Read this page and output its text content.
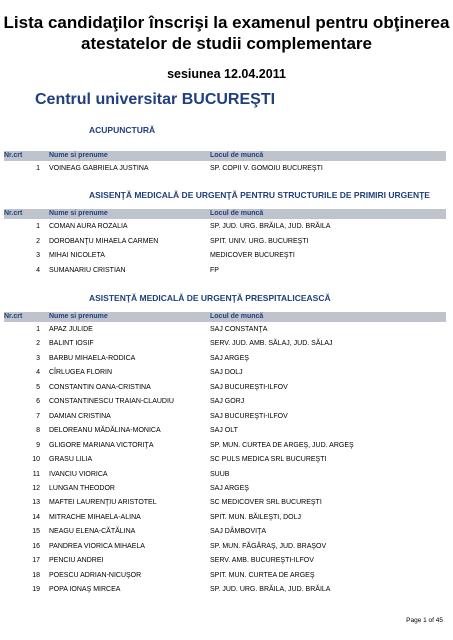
Lista candidaţilor înscrişi la examenul pentru obţinerea
atestatelor de studii complementare
sesiunea 12.04.2011
Centrul universitar BUCUREŞTI
ACUPUNCTURĂ
Nr.crt	Nume si prenume	Locul de muncă
1 VOINEAG GABRIELA JUSTINA	SP. COPII V. GOMOIU BUCUREŞTI
ASISENŢĂ MEDICALĂ DE URGENŢĂ PENTRU STRUCTURILE DE PRIMIRI URGENŢE
Nr.crt	Nume si prenume	Locul de muncă
1 COMAN AURA ROZALIA	SP. JUD. URG. BRĂILA, JUD. BRĂILA
2 DOROBANŢU MIHAELA CARMEN	SPIT. UNIV. URG. BUCUREŞTI
3 MIHAI NICOLETA	MEDICOVER BUCUREŞTI
4 SUMANARIU CRISTIAN	FP
ASISTENŢĂ MEDICALĂ DE URGENŢĂ PRESPITALICEASCĂ
Nr.crt	Nume si prenume	Locul de muncă
1 APAZ JULIDE	SAJ CONSTANŢA
2 BALINT IOSIF	SERV. JUD. AMB. SĂLAJ, JUD. SĂLAJ
3 BARBU MIHAELA-RODICA	SAJ ARGEŞ
4 CÎRLUGEA FLORIN	SAJ DOLJ
5 CONSTANTIN OANA-CRISTINA	SAJ BUCUREŞTI-ILFOV
6 CONSTANTINESCU TRAIAN-CLAUDIU	SAJ GORJ
7 DAMIAN CRISTINA	SAJ BUCUREŞTI-ILFOV
8 DELOREANU MĂDĂLINA-MONICA	SAJ OLT
9 GLIGORE MARIANA VICTORIŢA	SP. MUN. CURTEA DE ARGEŞ, JUD. ARGEŞ
10 GRASU LILIA	SC PULS MEDICA SRL BUCUREŞTI
11 IVANCIU VIORICA	SUUB
12 LUNGAN THEODOR	SAJ ARGEŞ
13 MAFTEI LAURENŢIU ARISTOTEL	SC MEDICOVER SRL BUCUREŞTI
14 MITRACHE MIHAELA-ALINA	SPIT. MUN. BĂILEŞTI, DOLJ
15 NEAGU ELENA-CĂTĂLINA	SAJ DÂMBOVIŢA
16 PANDREA VIORICA MIHAELA	SP. MUN. FĂGĂRAŞ, JUD. BRAŞOV
17 PENCIU ANDREI	SERV. AMB. BUCUREŞTI-ILFOV
18 POESCU ADRIAN-NICUŞOR	SPIT. MUN. CURTEA DE ARGEŞ
19 POPA IONAŞ MIRCEA	SP. JUD. URG. BRĂILA, JUD. BRĂILA
Page 1 of 45
